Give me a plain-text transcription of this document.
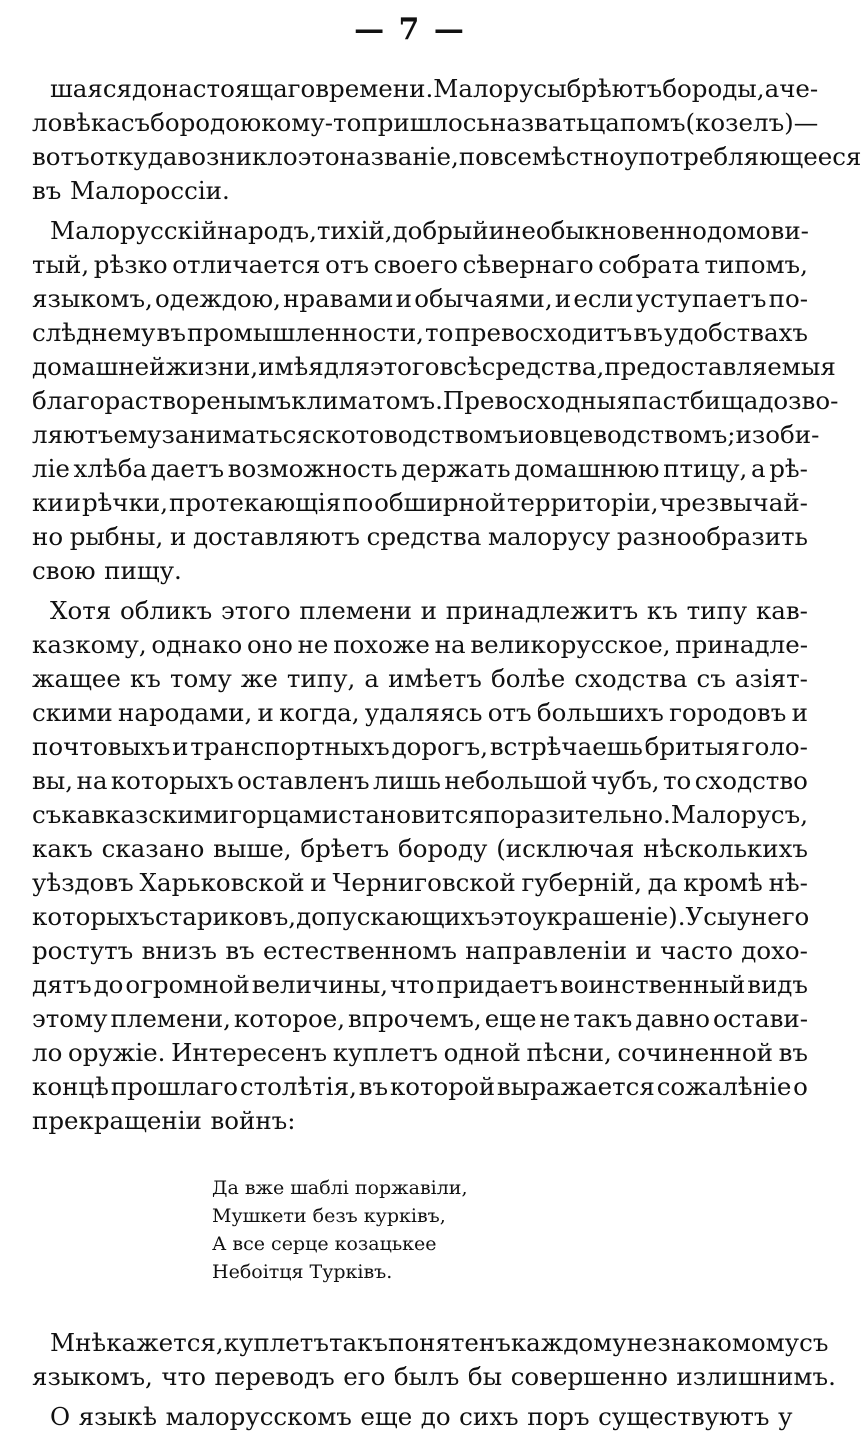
— 7 —
шаяся до настоящаго времени. Малорусы брѣютъ бороды, а че-
ловѣка съ бородою кому-то пришлось назвать цапомъ (козелъ)—
вотъ откуда возникло это названіе, повсемѣстно употребляющееся
въ Малороссіи.
Малорусскій народъ, тихій, добрый и необыкновенно домови-
тый, рѣзко отличается отъ своего сѣвернаго собрата типомъ,
языкомъ, одеждою, нравами и обычаями, и если уступаетъ по-
слѣднему въ промышленности, то превосходитъ въ удобствахъ
домашней жизни, имѣя для этого всѣ средства, предоставляемыя
благорастворенымъ климатомъ. Превосходныя пастбища дозво-
ляютъ ему заниматься скотоводствомъ и овцеводствомъ; изоби-
ліе хлѣба даетъ возможность держать домашнюю птицу, а рѣ-
ки и рѣчки, протекающія по обширной территоріи, чрезвычай-
но рыбны, и доставляютъ средства малорусу разнообразить
свою пищу.
Хотя обликъ этого племени и принадлежитъ къ типу кав-
казкому, однако оно не похоже на великорусское, принадле-
жащее къ тому же типу, а имѣетъ болѣе сходства съ азіят-
скими народами, и когда, удаляясь отъ большихъ городовъ и
почтовыхъ и транспортныхъ дорогъ, встрѣчаешь бритыя голо-
вы, на которыхъ оставленъ лишь небольшой чубъ, то сходство
съ кавказскими горцами становится поразительно. Малорусъ,
какъ сказано выше, брѣетъ бороду (исключая нѣсколькихъ
уѣздовъ Харьковской и Черниговской губерній, да кромѣ нѣ-
которыхъ стариковъ, допускающихъ это украшеніе). Усы у него
ростутъ внизъ въ естественномъ направленіи и часто дохо-
дятъ до огромной величины, что придаетъ воинственный видъ
этому племени, которое, впрочемъ, еще не такъ давно остави-
ло оружіе. Интересенъ куплетъ одной пѣсни, сочиненной въ
концѣ прошлаго столѣтія, въ которой выражается сожалѣніе о
прекращеніи войнъ:
Да вже шаблі поржавіли,
Мушкети безъ курківъ,
А все серце козацькее
Небоітця Турківъ.
Мнѣ кажется, куплетъ такъ понятенъ каждому незнакомому съ
языкомъ, что переводъ его былъ бы совершенно излишнимъ.
О языкѣ малорусскомъ еще до сихъ поръ существуютъ у
